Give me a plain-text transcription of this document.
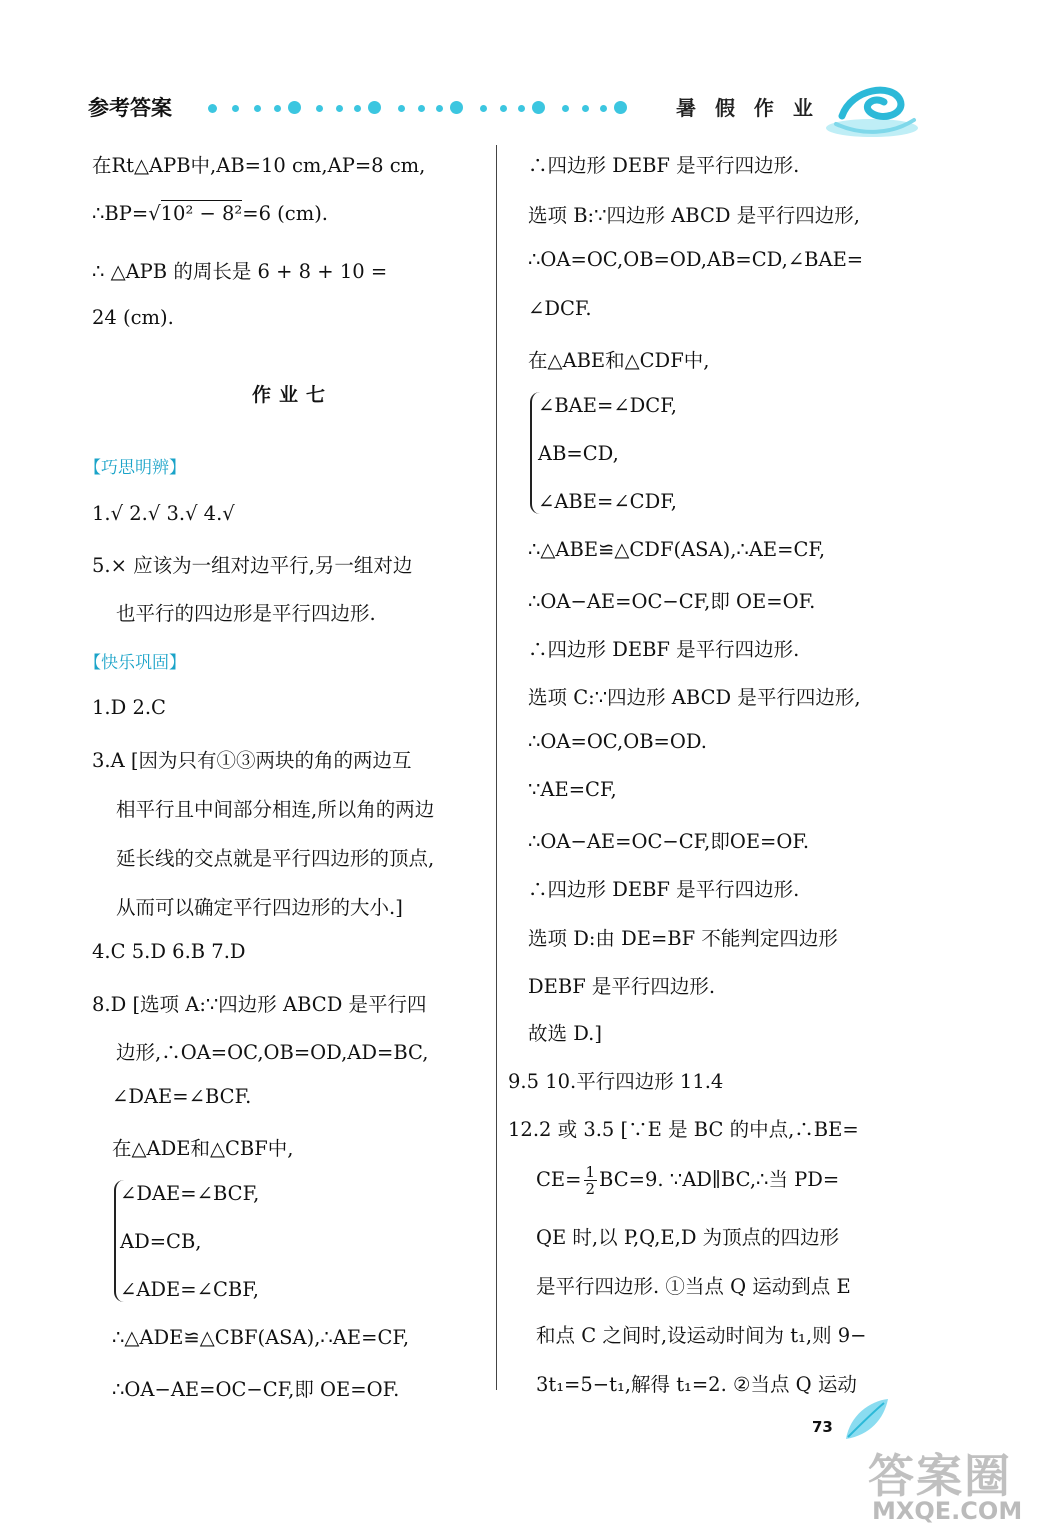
参考答案	暑 假 作 业
在Rt△APB中,AB=10 cm,AP=8 cm,
∴BP=√10² − 8²=6 (cm).
∴ △APB 的周长是 6 + 8 + 10 =
24 (cm).
作业七
【巧思明辨】
1.√ 2.√ 3.√ 4.√
5.× 应该为一组对边平行,另一组对边
也平行的四边形是平行四边形.
【快乐巩固】
1.D 2.C
3.A [因为只有①③两块的角的两边互
相平行且中间部分相连,所以角的两边
延长线的交点就是平行四边形的顶点,
从而可以确定平行四边形的大小.]
4.C 5.D 6.B 7.D
8.D [选项 A:∵四边形 ABCD 是平行四
边形,∴OA=OC,OB=OD,AD=BC,
∠DAE=∠BCF.
在△ADE和△CBF中,
∠DAE=∠BCF,
AD=CB,
∠ADE=∠CBF,
∴△ADE≌△CBF(ASA),∴AE=CF,
∴OA−AE=OC−CF,即 OE=OF.
∴四边形 DEBF 是平行四边形.
选项 B:∵四边形 ABCD 是平行四边形,
∴OA=OC,OB=OD,AB=CD,∠BAE=
∠DCF.
在△ABE和△CDF中,
∠BAE=∠DCF,
AB=CD,
∠ABE=∠CDF,
∴△ABE≌△CDF(ASA),∴AE=CF,
∴OA−AE=OC−CF,即 OE=OF.
∴四边形 DEBF 是平行四边形.
选项 C:∵四边形 ABCD 是平行四边形,
∴OA=OC,OB=OD.
∵AE=CF,
∴OA−AE=OC−CF,即OE=OF.
∴四边形 DEBF 是平行四边形.
选项 D:由 DE=BF 不能判定四边形
DEBF 是平行四边形.
故选 D.]
9.5 10.平行四边形 11.4
12.2 或 3.5 [∵E 是 BC 的中点,∴BE=
$CE= \frac{1}{2} BC=9$. ∵AD∥BC,∴当 PD=
QE 时,以 P,Q,E,D 为顶点的四边形
是平行四边形. ①当点 Q 运动到点 E
和点 C 之间时,设运动时间为 t₁,则 9−
3t₁=5−t₁,解得 t₁=2. ②当点 Q 运动
73
答案圈
MXQE.COM
